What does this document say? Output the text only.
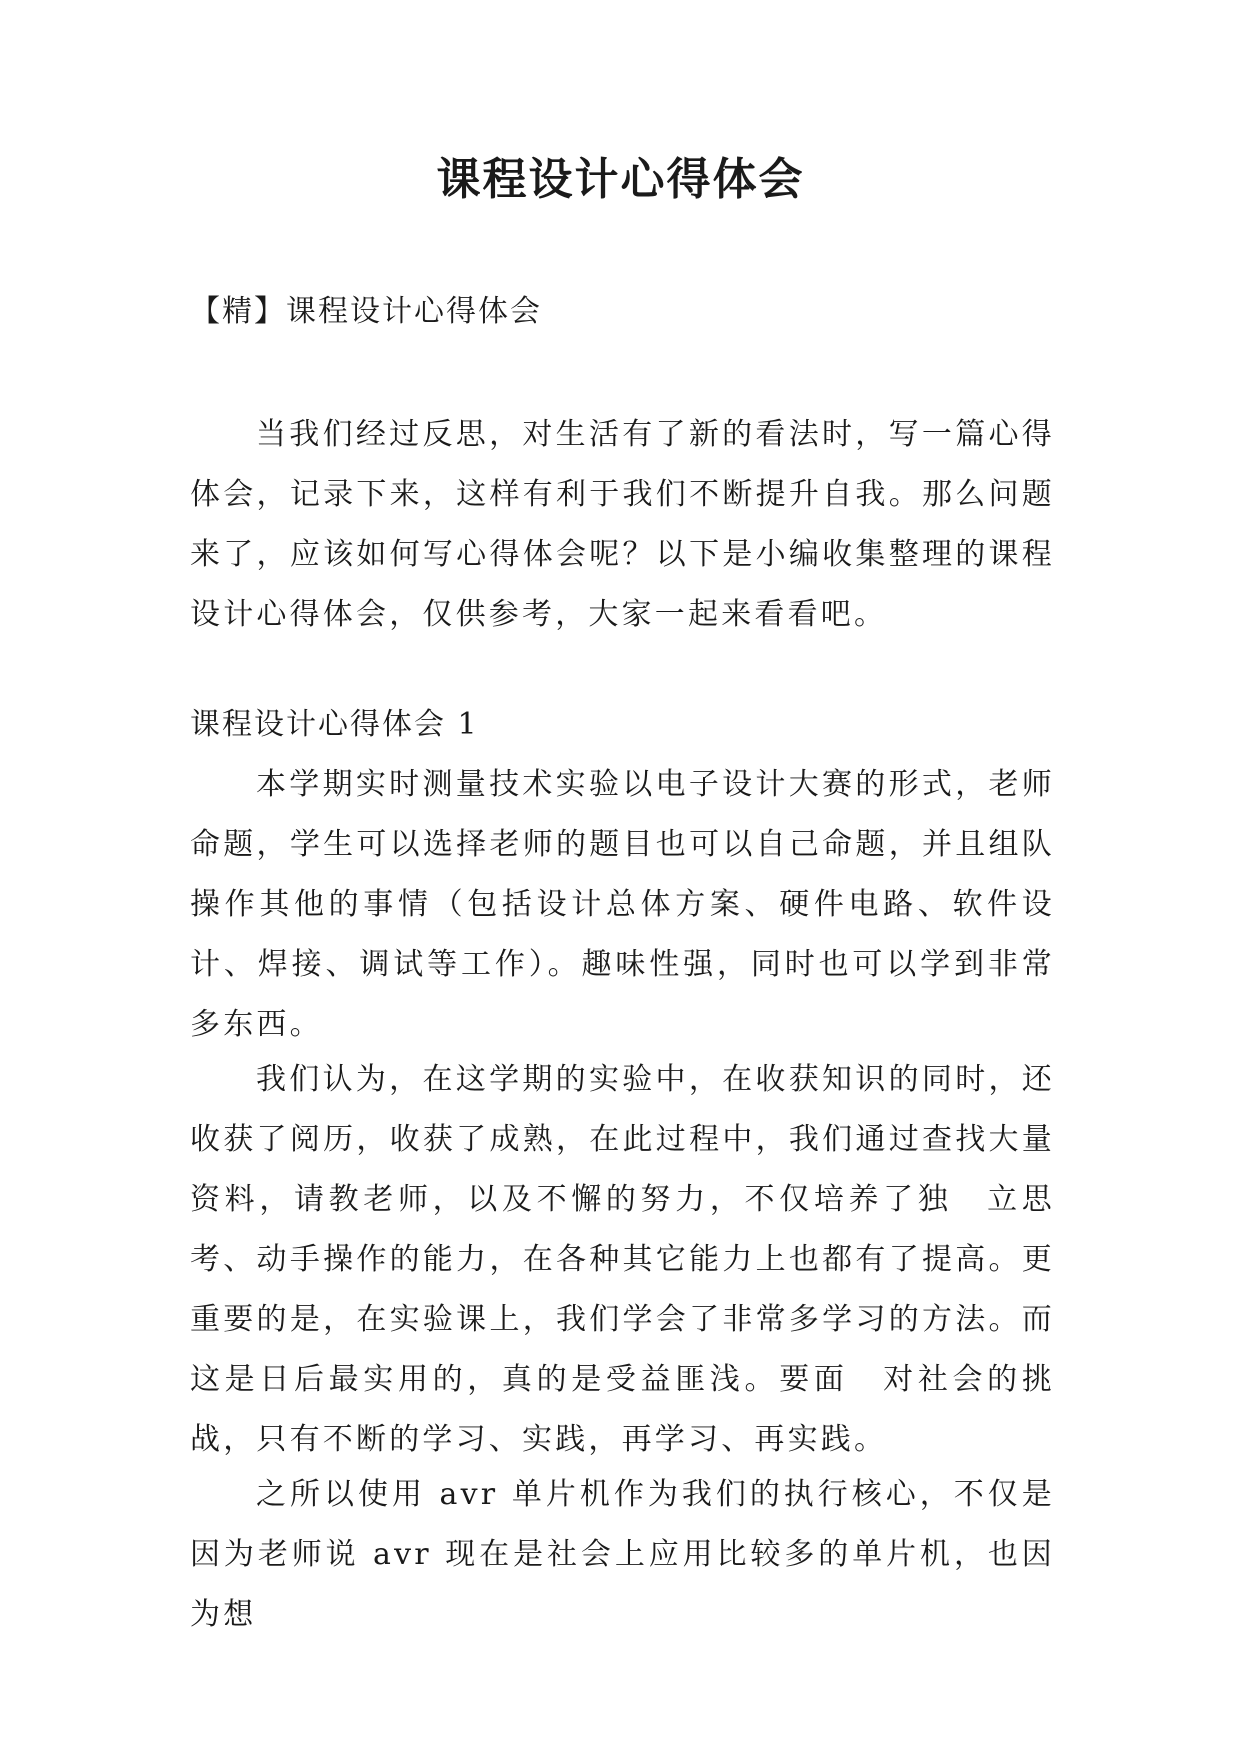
课程设计心得体会
【精】课程设计心得体会

当我们经过反思，对生活有了新的看法时，写一篇心得体会，记录下来，这样有利于我们不断提升自我。那么问题来了，应该如何写心得体会呢？以下是小编收集整理的课程设计心得体会，仅供参考，大家一起来看看吧。

课程设计心得体会 1

本学期实时测量技术实验以电子设计大赛的形式，老师命题，学生可以选择老师的题目也可以自己命题，并且组队操作其他的事情（包括设计总体方案、硬件电路、软件设计、焊接、调试等工作）。趣味性强，同时也可以学到非常多东西。

我们认为，在这学期的实验中，在收获知识的同时，还收获了阅历，收获了成熟，在此过程中，我们通过查找大量资料，请教老师，以及不懈的努力，不仅培养了独　立思考、动手操作的能力，在各种其它能力上也都有了提高。更重要的是，在实验课上，我们学会了非常多学习的方法。而这是日后最实用的，真的是受益匪浅。要面　对社会的挑战，只有不断的学习、实践，再学习、再实践。

之所以使用 avr 单片机作为我们的执行核心，不仅是因为老师说 avr 现在是社会上应用比较多的单片机，也因为想
